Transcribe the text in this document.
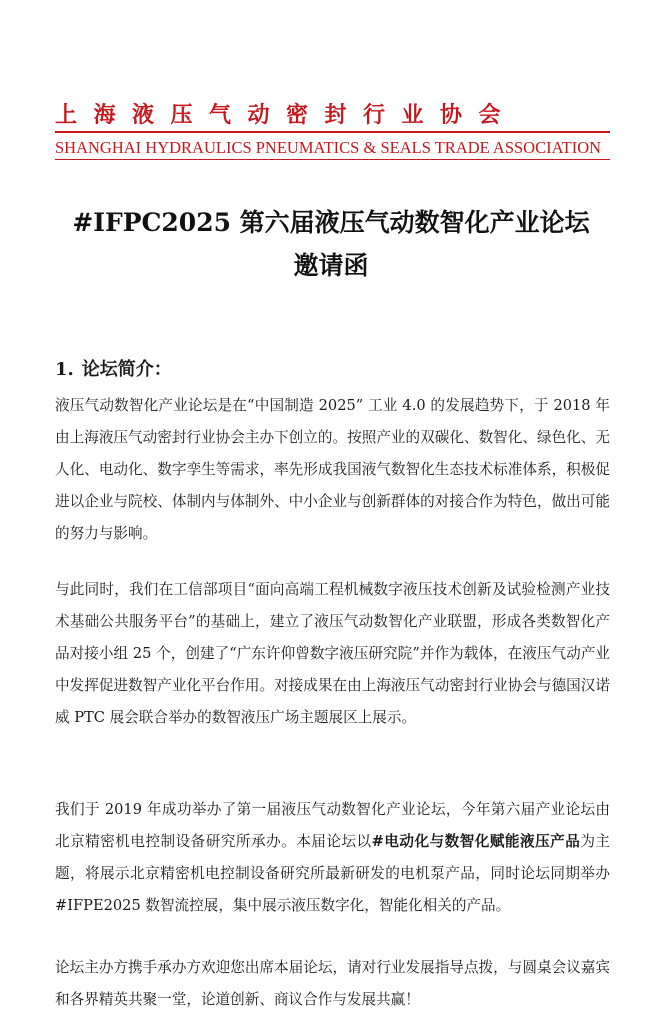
上海液压气动密封行业协会
SHANGHAI HYDRAULICS PNEUMATICS & SEALS TRADE ASSOCIATION
#IFPC2025 第六届液压气动数智化产业论坛
邀请函
1. 论坛简介：
液压气动数智化产业论坛是在“中国制造 2025” 工业 4.0 的发展趋势下，于 2018 年由上海液压气动密封行业协会主办下创立的。按照产业的双碳化、数智化、绿色化、无人化、电动化、数字孪生等需求，率先形成我国液气数智化生态技术标准体系，积极促进以企业与院校、体制内与体制外、中小企业与创新群体的对接合作为特色，做出可能的努力与影响。
与此同时，我们在工信部项目“面向高端工程机械数字液压技术创新及试验检测产业技术基础公共服务平台”的基础上，建立了液压气动数智化产业联盟，形成各类数智化产品对接小组 25 个，创建了“广东许仰曾数字液压研究院”并作为载体，在液压气动产业中发挥促进数智产业化平台作用。对接成果在由上海液压气动密封行业协会与德国汉诺威 PTC 展会联合举办的数智液压广场主题展区上展示。
我们于 2019 年成功举办了第一届液压气动数智化产业论坛，今年第六届产业论坛由北京精密机电控制设备研究所承办。本届论坛以#电动化与数智化赋能液压产品为主题，将展示北京精密机电控制设备研究所最新研发的电机泵产品，同时论坛同期举办#IFPE2025 数智流控展，集中展示液压数字化，智能化相关的产品。
论坛主办方携手承办方欢迎您出席本届论坛，请对行业发展指导点拨，与圆桌会议嘉宾和各界精英共聚一堂，论道创新、商议合作与发展共赢！
